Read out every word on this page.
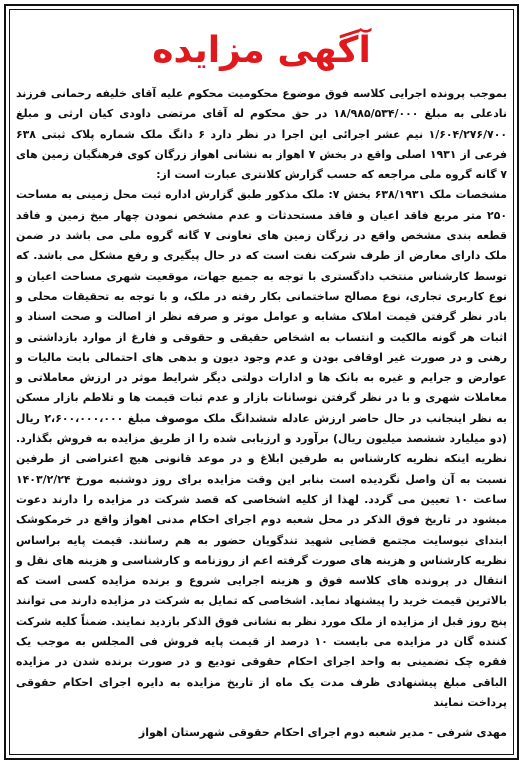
آگهی مزایده

بموجب پرونده اجرایی کلاسه فوق موضوع محکومیت محکوم علیه آقای خلیفه رحمانی فرزند نادعلی به مبلغ ۱۸/۹۸۵/۵۳۴/۰۰۰ در حق محکوم له آقای مرتضی داودی کیان ارثی و مبلغ ۱/۶۰۴/۲۷۶/۷۰۰ نیم عشر اجرائی این اجرا در نظر دارد ۶ دانگ ملک شماره پلاک ثبتی ۶۳۸ فرعی از ۱۹۳۱ اصلی واقع در بخش ۷ اهواز به نشانی اهواز زرگان کوی فرهنگیان زمین های ۷ گانه گروه ملی مراجعه که حسب گزارش کلانتری عبارت است از:

مشخصات ملک ۶۳۸/۱۹۳۱ بخش ۷: ملک مذکور طبق گزارش اداره ثبت محل زمینی به مساحت ۲۵۰ متر مربع فاقد اعیان و فاقد مستحدثات و عدم مشخص نمودن چهار میخ زمین و فاقد قطعه بندی مشخص واقع در زرگان زمین های تعاونی ۷ گانه گروه ملی می باشد در ضمن ملک دارای معارض از طرف شرکت نفت است که در حال پیگیری و رفع مشکل می باشد. که توسط کارشناس منتخب دادگستری با توجه به جمیع جهات، موقعیت شهری مساحت اعیان و نوع کاربری تجاری، نوع مصالح ساختمانی بکار رفته در ملک، و با توجه به تحقیقات محلی و بادر نظر گرفتن قیمت املاک مشابه و عوامل موثر و صرفه نظر از اصالت و صحت اسناد و اثبات هر گونه مالکیت و انتساب به اشخاص حقیقی و حقوقی و فارغ از موارد بازداشتی و رهنی و در صورت غیر اوقافی بودن و عدم وجود دیون و بدهی های احتمالی بابت مالیات و عوارض و جرایم و غیره به بانک ها و ادارات دولتی دیگر شرایط موثر در ارزش معاملاتی و معاملات شهری و با در نظر گرفتن نوسانات بازار و عدم ثبات قیمت ها و تلاطم بازار مسکن به نظر اینجانب در حال حاضر ارزش عادله ششدانگ ملک موصوف مبلغ ۲،۶۰۰،۰۰۰،۰۰۰ ریال (دو میلیارد ششصد میلیون ریال) برآورد و ارزیابی شده را از طریق مزایده به فروش بگذارد. نظریه اینکه نظریه کارشناس به طرفین ابلاغ و در موعد قانونی هیچ اعتراضی از طرفین نسبت به آن واصل نگردیده است بنابر این وقت مزایده برای روز دوشنبه مورخ ۱۴۰۳/۲/۲۴ ساعت ۱۰ تعیین می گردد. لهذا از کلیه اشخاصی که قصد شرکت در مزایده را دارند دعوت میشود در تاریخ فوق الذکر در محل شعبه دوم اجرای احکام مدنی اهواز واقع در خرمکوشک ابتدای نیوسایت مجتمع قضایی شهید تندگویان حضور به هم رسانند. قیمت پایه براساس نظریه کارشناس و هزینه های صورت گرفته اعم از روزنامه و کارشناسی و هزینه های نقل و انتقال در پرونده های کلاسه فوق و هزینه اجرایی شروع و برنده مزایده کسی است که بالاترین قیمت خرید را پیشنهاد نماید. اشخاصی که تمایل به شرکت در مزایده دارند می توانند پنج روز قبل از مزایده از ملک مورد نظر به نشانی فوق الذکر بازدید نمایند. ضمناً کلیه شرکت کننده گان در مزایده می بایست ۱۰ درصد از قیمت پایه فروش فی المجلس به موجب یک فقره چک تضمینی به واحد اجرای احکام حقوقی تودیع و در صورت برنده شدن در مزایده الباقی مبلغ پیشنهادی ظرف مدت یک ماه از تاریخ مزایده به دایره اجرای احکام حقوقی پرداخت نمایند

مهدی شرفی - مدیر شعبه دوم اجرای احکام حقوقی شهرستان اهواز
